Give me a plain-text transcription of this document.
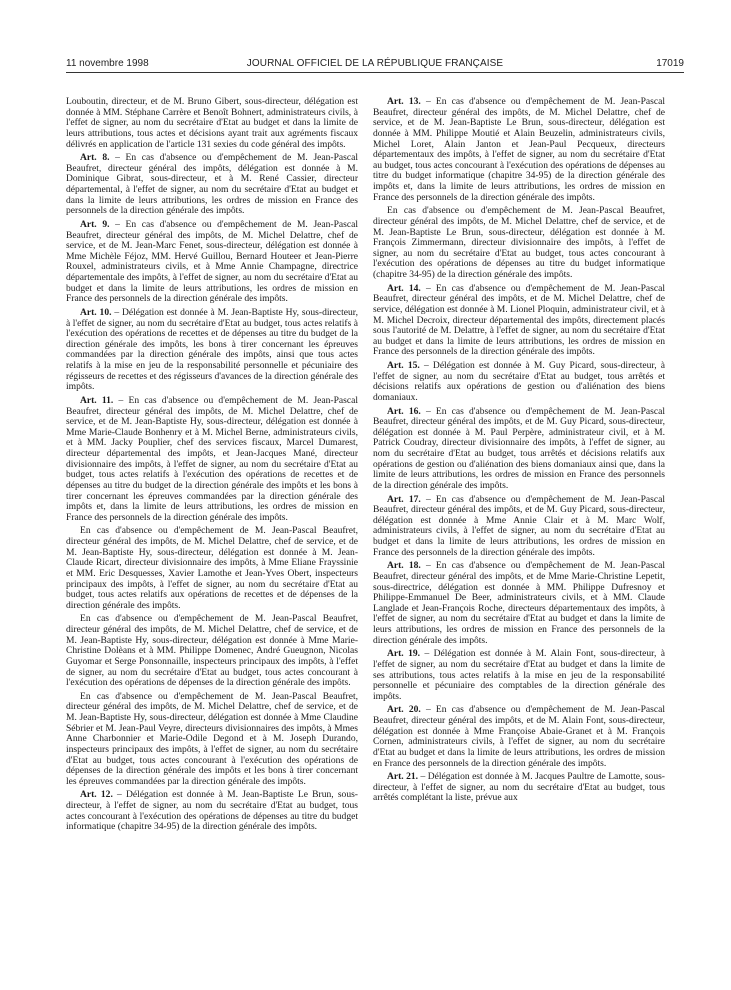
11 novembre 1998	JOURNAL OFFICIEL DE LA RÉPUBLIQUE FRANÇAISE	17019

Louboutin, directeur, et de M. Bruno Gibert, sous-directeur, délégation est donnée à MM. Stéphane Carrère et Benoît Bohnert, administrateurs civils, à l'effet de signer, au nom du secrétaire d'Etat au budget et dans la limite de leurs attributions, tous actes et décisions ayant trait aux agréments fiscaux délivrés en application de l'article 131 sexies du code général des impôts.

Art. 8. – En cas d'absence ou d'empêchement de M. Jean-Pascal Beaufret, directeur général des impôts, délégation est donnée à M. Dominique Gibrat, sous-directeur, et à M. René Cassier, directeur départemental, à l'effet de signer, au nom du secrétaire d'Etat au budget et dans la limite de leurs attributions, les ordres de mission en France des personnels de la direction générale des impôts.

Art. 9. – En cas d'absence ou d'empêchement de M. Jean-Pascal Beaufret, directeur général des impôts, de M. Michel Delattre, chef de service, et de M. Jean-Marc Fenet, sous-directeur, délégation est donnée à Mme Michèle Féjoz, MM. Hervé Guillou, Bernard Houteer et Jean-Pierre Rouxel, administrateurs civils, et à Mme Annie Champagne, directrice départementale des impôts, à l'effet de signer, au nom du secrétaire d'Etat au budget et dans la limite de leurs attributions, les ordres de mission en France des personnels de la direction générale des impôts.

Art. 10. – Délégation est donnée à M. Jean-Baptiste Hy, sous-directeur, à l'effet de signer, au nom du secrétaire d'Etat au budget, tous actes relatifs à l'exécution des opérations de recettes et de dépenses au titre du budget de la direction générale des impôts, les bons à tirer concernant les épreuves commandées par la direction générale des impôts, ainsi que tous actes relatifs à la mise en jeu de la responsabilité personnelle et pécuniaire des régisseurs de recettes et des régisseurs d'avances de la direction générale des impôts.

Art. 11. – En cas d'absence ou d'empêchement de M. Jean-Pascal Beaufret, directeur général des impôts, de M. Michel Delattre, chef de service, et de M. Jean-Baptiste Hy, sous-directeur, délégation est donnée à Mme Marie-Claude Bonhenry et à M. Michel Berne, administrateurs civils, et à MM. Jacky Pouplier, chef des services fiscaux, Marcel Dumarest, directeur départemental des impôts, et Jean-Jacques Mané, directeur divisionnaire des impôts, à l'effet de signer, au nom du secrétaire d'Etat au budget, tous actes relatifs à l'exécution des opérations de recettes et de dépenses au titre du budget de la direction générale des impôts et les bons à tirer concernant les épreuves commandées par la direction générale des impôts et, dans la limite de leurs attributions, les ordres de mission en France des personnels de la direction générale des impôts.

En cas d'absence ou d'empêchement de M. Jean-Pascal Beaufret, directeur général des impôts, de M. Michel Delattre, chef de service, et de M. Jean-Baptiste Hy, sous-directeur, délégation est donnée à M. Jean-Claude Ricart, directeur divisionnaire des impôts, à Mme Eliane Frayssinie et MM. Eric Desquesses, Xavier Lamothe et Jean-Yves Obert, inspecteurs principaux des impôts, à l'effet de signer, au nom du secrétaire d'Etat au budget, tous actes relatifs aux opérations de recettes et de dépenses de la direction générale des impôts.

En cas d'absence ou d'empêchement de M. Jean-Pascal Beaufret, directeur général des impôts, de M. Michel Delattre, chef de service, et de M. Jean-Baptiste Hy, sous-directeur, délégation est donnée à Mme Marie-Christine Dolèans et à MM. Philippe Domenec, André Gueugnon, Nicolas Guyomar et Serge Ponsonnaille, inspecteurs principaux des impôts, à l'effet de signer, au nom du secrétaire d'Etat au budget, tous actes concourant à l'exécution des opérations de dépenses de la direction générale des impôts.

En cas d'absence ou d'empêchement de M. Jean-Pascal Beaufret, directeur général des impôts, de M. Michel Delattre, chef de service, et de M. Jean-Baptiste Hy, sous-directeur, délégation est donnée à Mme Claudine Sébrier et M. Jean-Paul Veyre, directeurs divisionnaires des impôts, à Mmes Anne Charbonnier et Marie-Odile Degond et à M. Joseph Durando, inspecteurs principaux des impôts, à l'effet de signer, au nom du secrétaire d'Etat au budget, tous actes concourant à l'exécution des opérations de dépenses de la direction générale des impôts et les bons à tirer concernant les épreuves commandées par la direction générale des impôts.

Art. 12. – Délégation est donnée à M. Jean-Baptiste Le Brun, sous-directeur, à l'effet de signer, au nom du secrétaire d'Etat au budget, tous actes concourant à l'exécution des opérations de dépenses au titre du budget informatique (chapitre 34-95) de la direction générale des impôts.

Art. 13. – En cas d'absence ou d'empêchement de M. Jean-Pascal Beaufret, directeur général des impôts, de M. Michel Delattre, chef de service, et de M. Jean-Baptiste Le Brun, sous-directeur, délégation est donnée à MM. Philippe Moutié et Alain Beuzelin, administrateurs civils, Michel Loret, Alain Janton et Jean-Paul Pecqueux, directeurs départementaux des impôts, à l'effet de signer, au nom du secrétaire d'Etat au budget, tous actes concourant à l'exécution des opérations de dépenses au titre du budget informatique (chapitre 34-95) de la direction générale des impôts et, dans la limite de leurs attributions, les ordres de mission en France des personnels de la direction générale des impôts.

En cas d'absence ou d'empêchement de M. Jean-Pascal Beaufret, directeur général des impôts, de M. Michel Delattre, chef de service, et de M. Jean-Baptiste Le Brun, sous-directeur, délégation est donnée à M. François Zimmermann, directeur divisionnaire des impôts, à l'effet de signer, au nom du secrétaire d'Etat au budget, tous actes concourant à l'exécution des opérations de dépenses au titre du budget informatique (chapitre 34-95) de la direction générale des impôts.

Art. 14. – En cas d'absence ou d'empêchement de M. Jean-Pascal Beaufret, directeur général des impôts, et de M. Michel Delattre, chef de service, délégation est donnée à M. Lionel Ploquin, administrateur civil, et à M. Michel Decroix, directeur départemental des impôts, directement placés sous l'autorité de M. Delattre, à l'effet de signer, au nom du secrétaire d'Etat au budget et dans la limite de leurs attributions, les ordres de mission en France des personnels de la direction générale des impôts.

Art. 15. – Délégation est donnée à M. Guy Picard, sous-directeur, à l'effet de signer, au nom du secrétaire d'Etat au budget, tous arrêtés et décisions relatifs aux opérations de gestion ou d'aliénation des biens domaniaux.

Art. 16. – En cas d'absence ou d'empêchement de M. Jean-Pascal Beaufret, directeur général des impôts, et de M. Guy Picard, sous-directeur, délégation est donnée à M. Paul Perpère, administrateur civil, et à M. Patrick Coudray, directeur divisionnaire des impôts, à l'effet de signer, au nom du secrétaire d'Etat au budget, tous arrêtés et décisions relatifs aux opérations de gestion ou d'aliénation des biens domaniaux ainsi que, dans la limite de leurs attributions, les ordres de mission en France des personnels de la direction générale des impôts.

Art. 17. – En cas d'absence ou d'empêchement de M. Jean-Pascal Beaufret, directeur général des impôts, et de M. Guy Picard, sous-directeur, délégation est donnée à Mme Annie Clair et à M. Marc Wolf, administrateurs civils, à l'effet de signer, au nom du secrétaire d'Etat au budget et dans la limite de leurs attributions, les ordres de mission en France des personnels de la direction générale des impôts.

Art. 18. – En cas d'absence ou d'empêchement de M. Jean-Pascal Beaufret, directeur général des impôts, et de Mme Marie-Christine Lepetit, sous-directrice, délégation est donnée à MM. Philippe Dufresnoy et Philippe-Emmanuel De Beer, administrateurs civils, et à MM. Claude Langlade et Jean-François Roche, directeurs départementaux des impôts, à l'effet de signer, au nom du secrétaire d'Etat au budget et dans la limite de leurs attributions, les ordres de mission en France des personnels de la direction générale des impôts.

Art. 19. – Délégation est donnée à M. Alain Font, sous-directeur, à l'effet de signer, au nom du secrétaire d'Etat au budget et dans la limite de ses attributions, tous actes relatifs à la mise en jeu de la responsabilité personnelle et pécuniaire des comptables de la direction générale des impôts.

Art. 20. – En cas d'absence ou d'empêchement de M. Jean-Pascal Beaufret, directeur général des impôts, et de M. Alain Font, sous-directeur, délégation est donnée à Mme Françoise Abaie-Granet et à M. François Cornen, administrateurs civils, à l'effet de signer, au nom du secrétaire d'Etat au budget et dans la limite de leurs attributions, les ordres de mission en France des personnels de la direction générale des impôts.

Art. 21. – Délégation est donnée à M. Jacques Paultre de Lamotte, sous-directeur, à l'effet de signer, au nom du secrétaire d'Etat au budget, tous arrêtés complétant la liste, prévue aux
